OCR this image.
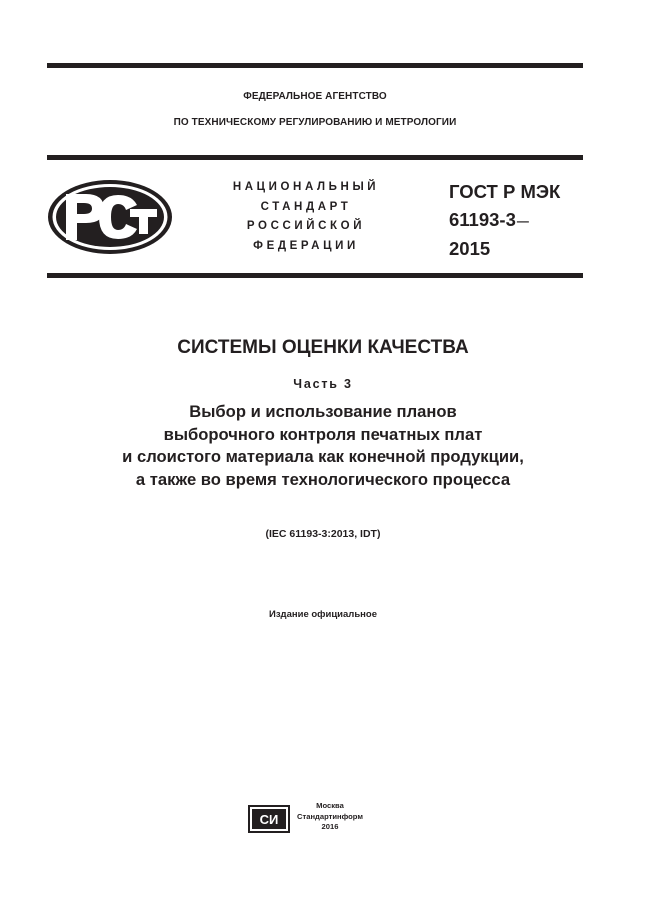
ФЕДЕРАЛЬНОЕ АГЕНТСТВО
ПО ТЕХНИЧЕСКОМУ РЕГУЛИРОВАНИЮ И МЕТРОЛОГИИ
НАЦИОНАЛЬНЫЙ
СТАНДАРТ
РОССИЙСКОЙ
ФЕДЕРАЦИИ
ГОСТ Р МЭК
61193-3—
2015
СИСТЕМЫ ОЦЕНКИ КАЧЕСТВА
Часть 3
Выбор и использование планов
выборочного контроля печатных плат
и слоистого материала как конечной продукции,
а также во время технологического процесса
(IEC 61193-3:2013, IDT)
Издание официальное
СИ
Москва
Стандартинформ
2016
